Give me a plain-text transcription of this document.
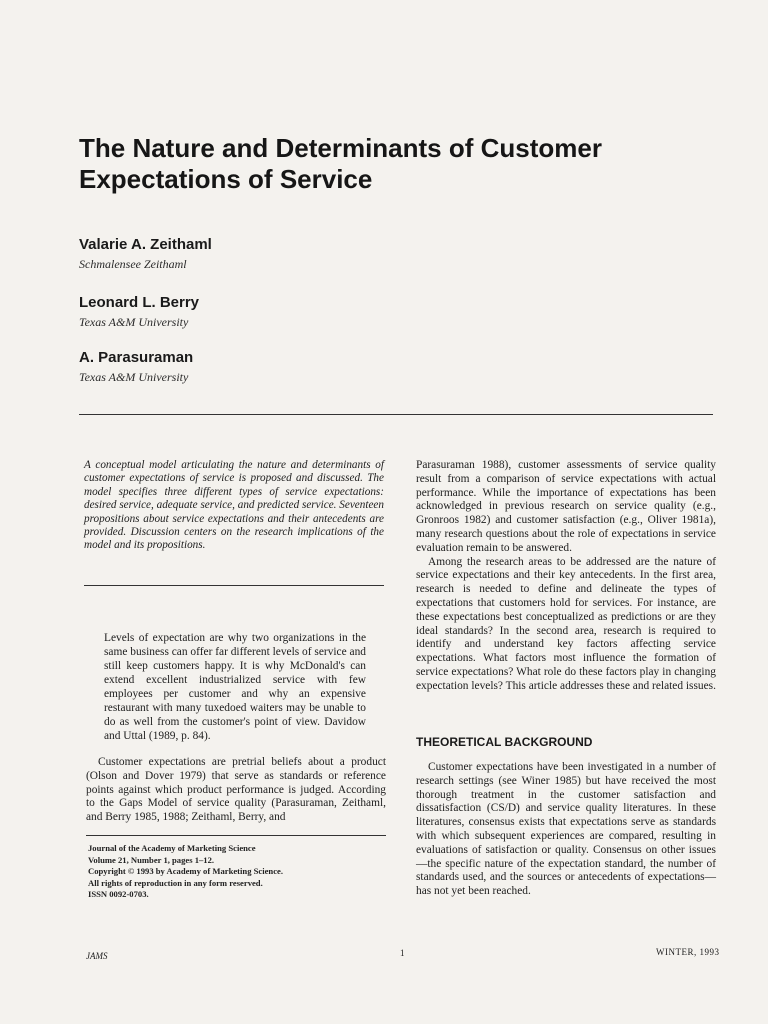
The Nature and Determinants of Customer Expectations of Service
Valarie A. Zeithaml
Schmalensee Zeithaml
Leonard L. Berry
Texas A&M University
A. Parasuraman
Texas A&M University

A conceptual model articulating the nature and determinants of customer expectations of service is proposed and discussed. The model specifies three different types of service expectations: desired service, adequate service, and predicted service. Seventeen propositions about service expectations and their antecedents are provided. Discussion centers on the research implications of the model and its propositions.

Levels of expectation are why two organizations in the same business can offer far different levels of service and still keep customers happy. It is why McDonald's can extend excellent industrialized service with few employees per customer and why an expensive restaurant with many tuxedoed waiters may be unable to do as well from the customer's point of view. Davidow and Uttal (1989, p. 84).

Customer expectations are pretrial beliefs about a product (Olson and Dover 1979) that serve as standards or reference points against which product performance is judged. According to the Gaps Model of service quality (Parasuraman, Zeithaml, and Berry 1985, 1988; Zeithaml, Berry, and

Journal of the Academy of Marketing Science
Volume 21, Number 1, pages 1–12.
Copyright © 1993 by Academy of Marketing Science.
All rights of reproduction in any form reserved.
ISSN 0092-0703.

Parasuraman 1988), customer assessments of service quality result from a comparison of service expectations with actual performance. While the importance of expectations has been acknowledged in previous research on service quality (e.g., Gronroos 1982) and customer satisfaction (e.g., Oliver 1981a), many research questions about the role of expectations in service evaluation remain to be answered.

Among the research areas to be addressed are the nature of service expectations and their key antecedents. In the first area, research is needed to define and delineate the types of expectations that customers hold for services. For instance, are these expectations best conceptualized as predictions or are they ideal standards? In the second area, research is required to identify and understand key factors affecting service expectations. What factors most influence the formation of service expectations? What role do these factors play in changing expectation levels? This article addresses these and related issues.

THEORETICAL BACKGROUND

Customer expectations have been investigated in a number of research settings (see Winer 1985) but have received the most thorough treatment in the customer satisfaction and dissatisfaction (CS/D) and service quality literatures. In these literatures, consensus exists that expectations serve as standards with which subsequent experiences are compared, resulting in evaluations of satisfaction or quality. Consensus on other issues—the specific nature of the expectation standard, the number of standards used, and the sources or antecedents of expectations—has not yet been reached.

JAMS	1	WINTER, 1993
